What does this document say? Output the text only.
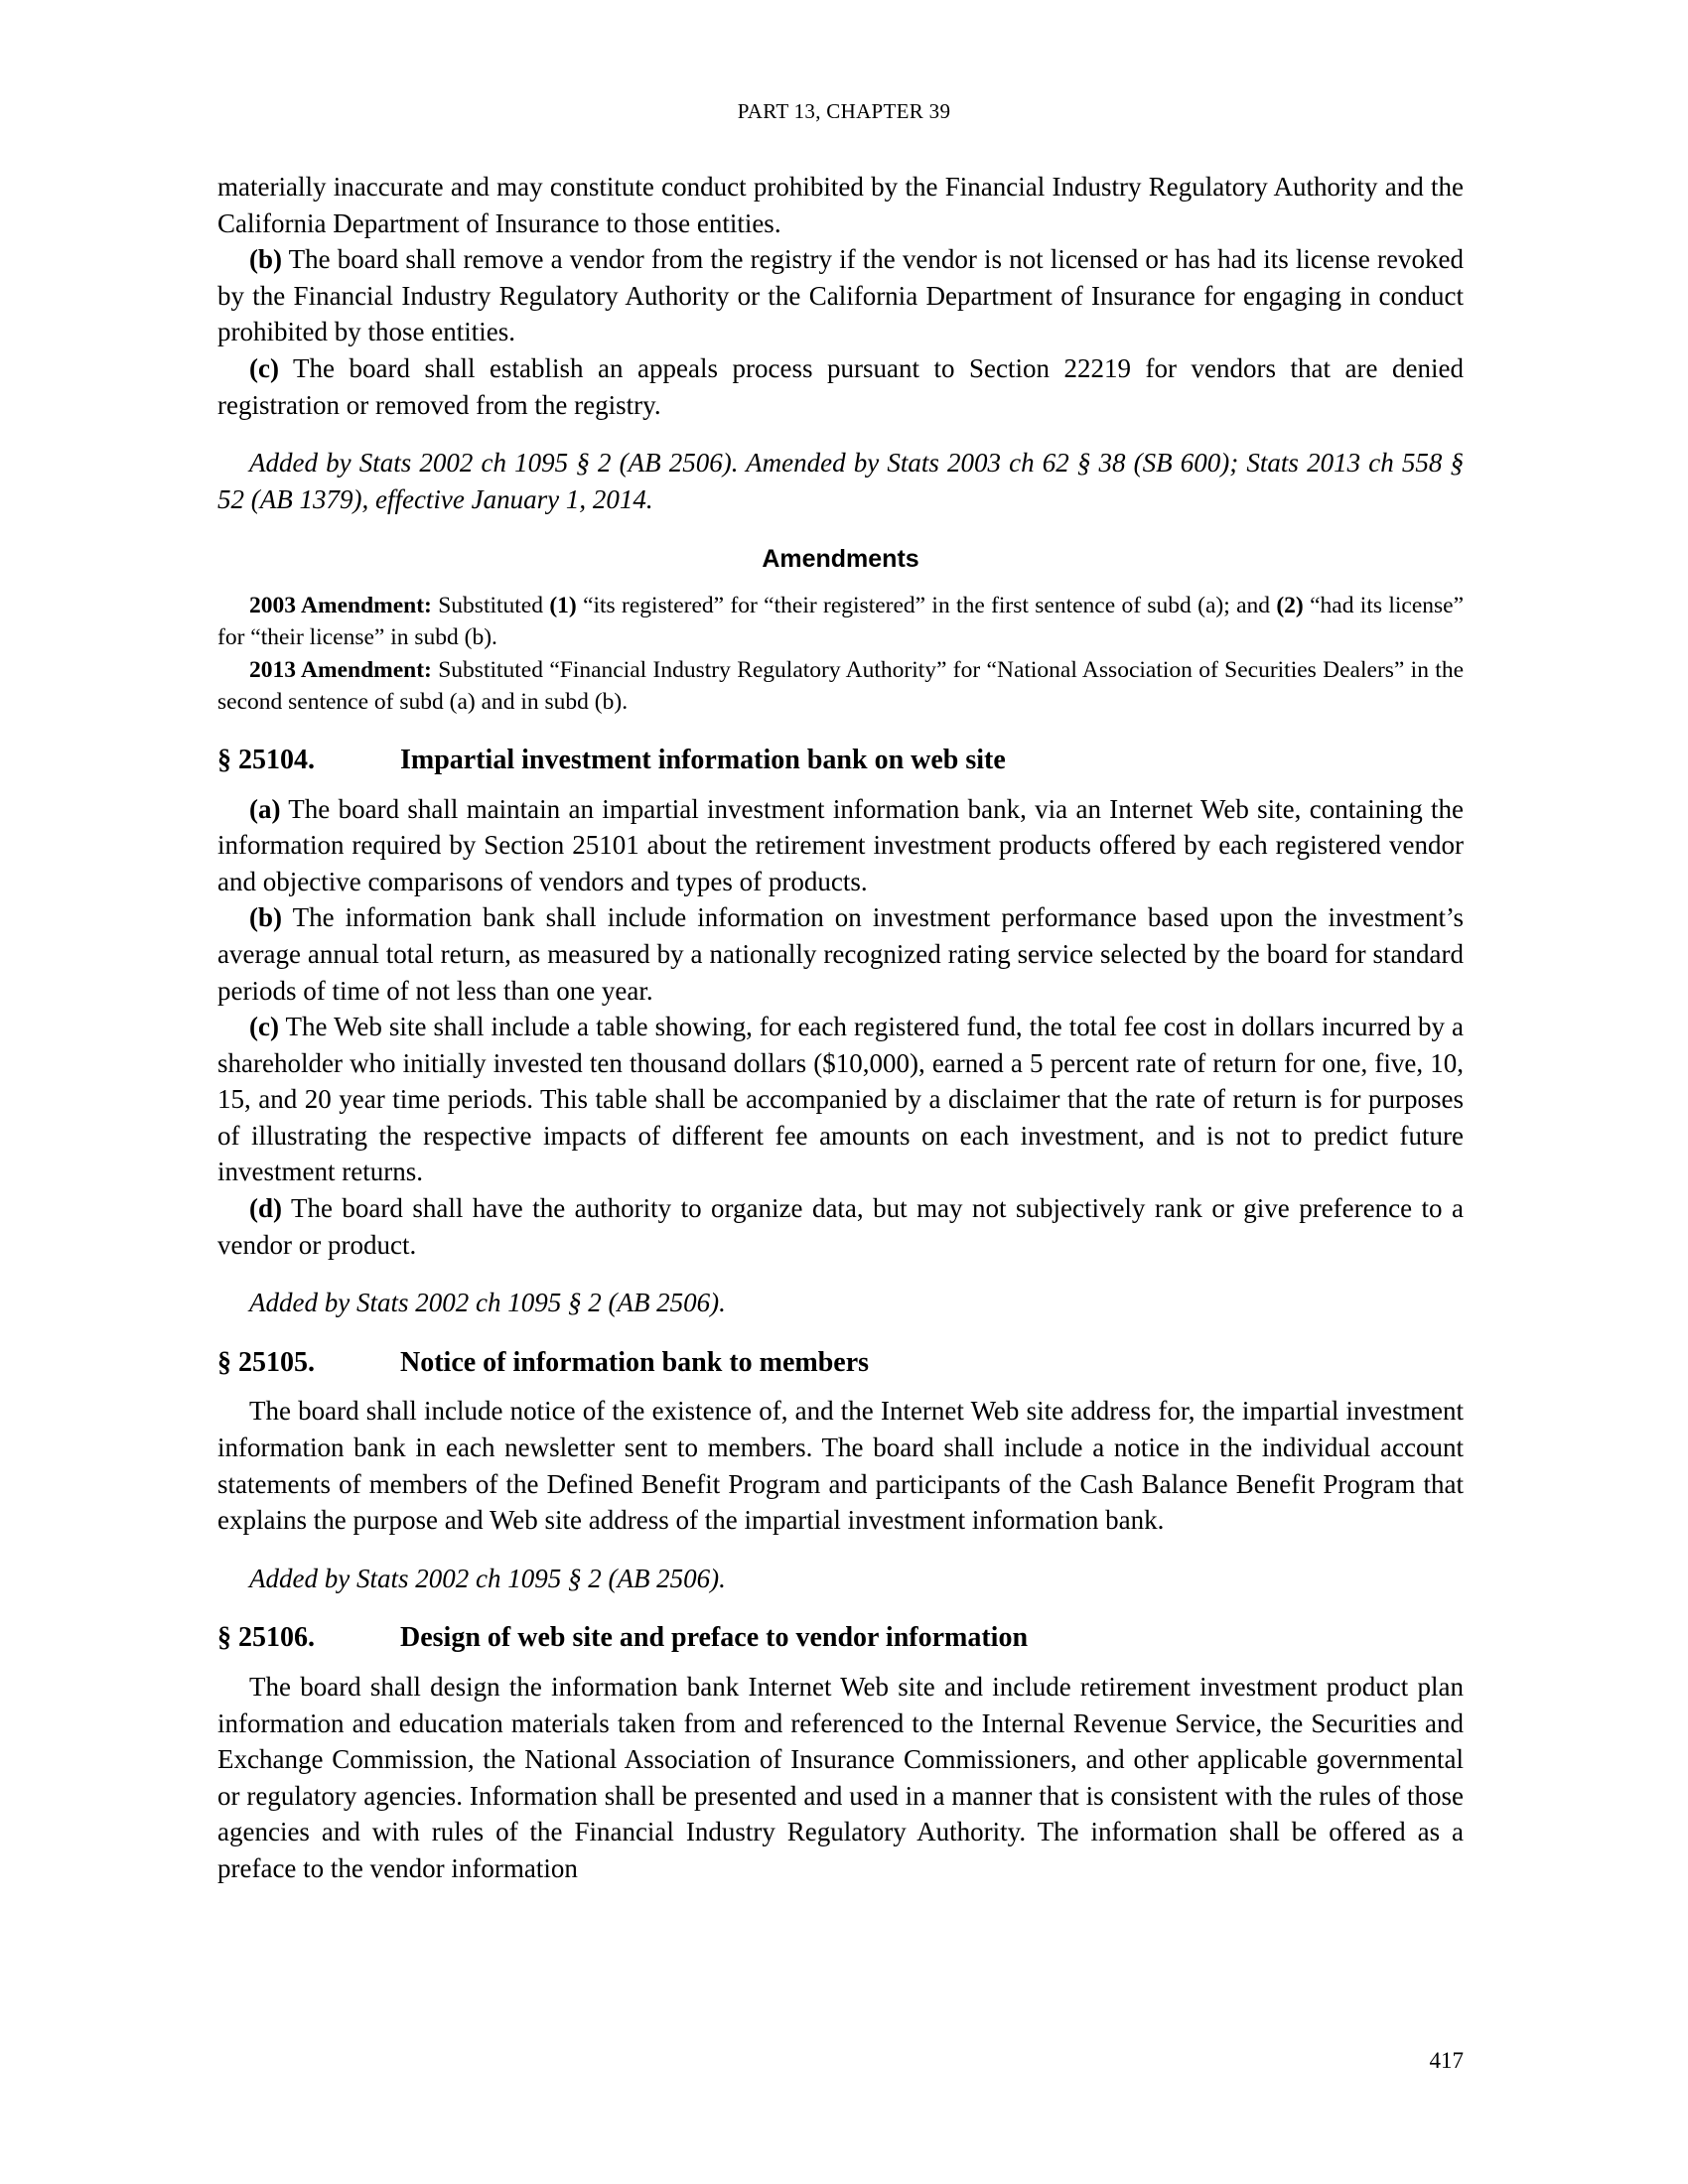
PART 13, CHAPTER 39

materially inaccurate and may constitute conduct prohibited by the Financial Industry Regulatory Authority and the California Department of Insurance to those entities.

(b) The board shall remove a vendor from the registry if the vendor is not licensed or has had its license revoked by the Financial Industry Regulatory Authority or the California Department of Insurance for engaging in conduct prohibited by those entities.

(c) The board shall establish an appeals process pursuant to Section 22219 for vendors that are denied registration or removed from the registry.

Added by Stats 2002 ch 1095 § 2 (AB 2506). Amended by Stats 2003 ch 62 § 38 (SB 600); Stats 2013 ch 558 § 52 (AB 1379), effective January 1, 2014.

Amendments

2003 Amendment: Substituted (1) “its registered” for “their registered” in the first sentence of subd (a); and (2) “had its license” for “their license” in subd (b).

2013 Amendment: Substituted “Financial Industry Regulatory Authority” for “National Association of Securities Dealers” in the second sentence of subd (a) and in subd (b).

§ 25104.	Impartial investment information bank on web site

(a) The board shall maintain an impartial investment information bank, via an Internet Web site, containing the information required by Section 25101 about the retirement investment products offered by each registered vendor and objective comparisons of vendors and types of products.

(b) The information bank shall include information on investment performance based upon the investment’s average annual total return, as measured by a nationally recognized rating service selected by the board for standard periods of time of not less than one year.

(c) The Web site shall include a table showing, for each registered fund, the total fee cost in dollars incurred by a shareholder who initially invested ten thousand dollars ($10,000), earned a 5 percent rate of return for one, five, 10, 15, and 20 year time periods. This table shall be accompanied by a disclaimer that the rate of return is for purposes of illustrating the respective impacts of different fee amounts on each investment, and is not to predict future investment returns.

(d) The board shall have the authority to organize data, but may not subjectively rank or give preference to a vendor or product.

Added by Stats 2002 ch 1095 § 2 (AB 2506).

§ 25105.	Notice of information bank to members

The board shall include notice of the existence of, and the Internet Web site address for, the impartial investment information bank in each newsletter sent to members. The board shall include a notice in the individual account statements of members of the Defined Benefit Program and participants of the Cash Balance Benefit Program that explains the purpose and Web site address of the impartial investment information bank.

Added by Stats 2002 ch 1095 § 2 (AB 2506).

§ 25106.	Design of web site and preface to vendor information

The board shall design the information bank Internet Web site and include retirement investment product plan information and education materials taken from and referenced to the Internal Revenue Service, the Securities and Exchange Commission, the National Association of Insurance Commissioners, and other applicable governmental or regulatory agencies. Information shall be presented and used in a manner that is consistent with the rules of those agencies and with rules of the Financial Industry Regulatory Authority. The information shall be offered as a preface to the vendor information

417
